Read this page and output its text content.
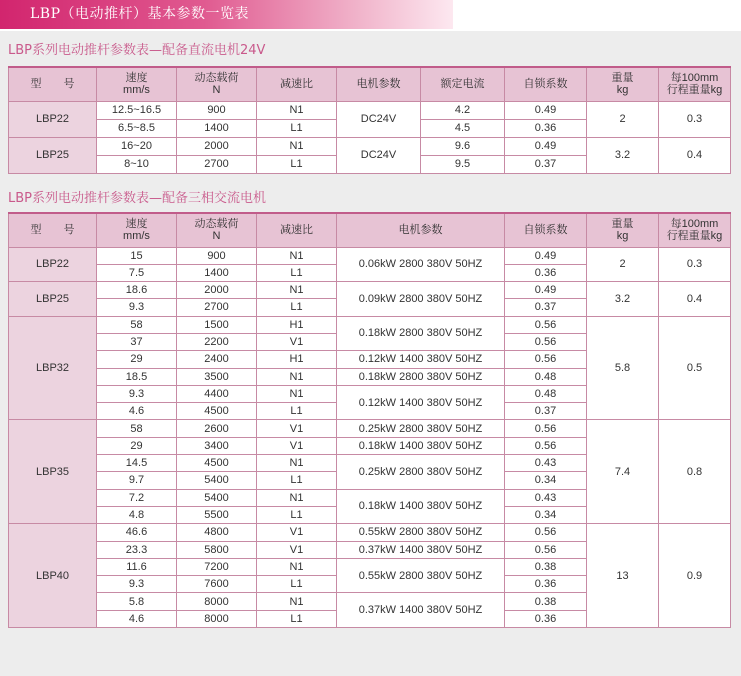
LBP（电动推杆）基本参数一览表
LBP系列电动推杆参数表—配备直流电机24V
型　　号	速度
mm/s	动态载荷
N	减速比	电机参数	额定电流	自锁系数	重量
kg	每100mm
行程重量kg
LBP22	12.5~16.5	900	N1	DC24V	4.2	0.49	2	0.3
	6.5~8.5	1400	L1		4.5	0.36		
LBP25	16~20	2000	N1	DC24V	9.6	0.49	3.2	0.4
	8~10	2700	L1		9.5	0.37		
LBP系列电动推杆参数表—配备三相交流电机
型　　号	速度
mm/s	动态载荷
N	减速比	电机参数	自锁系数	重量
kg	每100mm
行程重量kg
LBP22	15	900	N1	0.06kW 2800 380V 50HZ	0.49	2	0.3
	7.5	1400	L1		0.36		
LBP25	18.6	2000	N1	0.09kW 2800 380V 50HZ	0.49	3.2	0.4
	9.3	2700	L1		0.37		
LBP32	58	1500	H1	0.18kW 2800 380V 50HZ	0.56	5.8	0.5
	37	2200	V1		0.56		
	29	2400	H1	0.12kW 1400 380V 50HZ	0.56		
	18.5	3500	N1	0.18kW 2800 380V 50HZ	0.48		
	9.3	4400	N1	0.12kW 1400 380V 50HZ	0.48		
	4.6	4500	L1		0.37		
LBP35	58	2600	V1	0.25kW 2800 380V 50HZ	0.56	7.4	0.8
	29	3400	V1	0.18kW 1400 380V 50HZ	0.56		
	14.5	4500	N1	0.25kW 2800 380V 50HZ	0.43		
	9.7	5400	L1		0.34		
	7.2	5400	N1	0.18kW 1400 380V 50HZ	0.43		
	4.8	5500	L1		0.34		
LBP40	46.6	4800	V1	0.55kW 2800 380V 50HZ	0.56	13	0.9
	23.3	5800	V1	0.37kW 1400 380V 50HZ	0.56		
	11.6	7200	N1	0.55kW 2800 380V 50HZ	0.38		
	9.3	7600	L1		0.36		
	5.8	8000	N1	0.37kW 1400 380V 50HZ	0.38		
	4.6	8000	L1		0.36		
